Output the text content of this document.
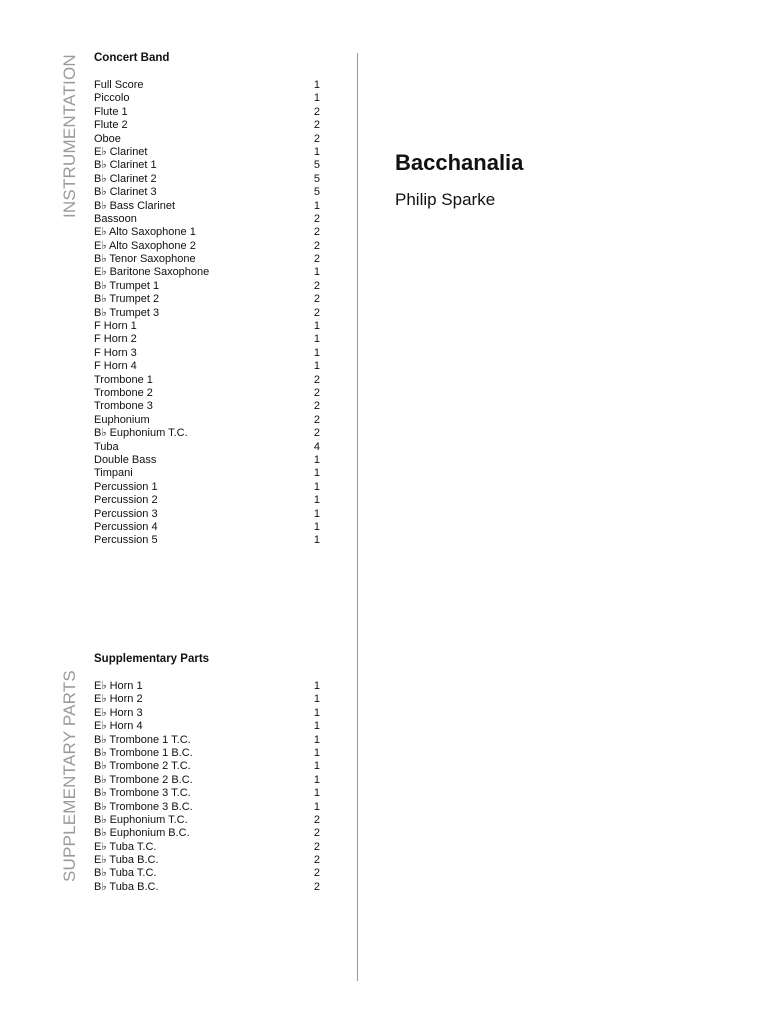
INSTRUMENTATION
SUPPLEMENTARY PARTS
Concert Band
Full Score	1
Piccolo	1
Flute 1	2
Flute 2	2
Oboe	2
E♭ Clarinet	1
B♭ Clarinet 1	5
B♭ Clarinet 2	5
B♭ Clarinet 3	5
B♭ Bass Clarinet	1
Bassoon	2
E♭ Alto Saxophone 1	2
E♭ Alto Saxophone 2	2
B♭ Tenor Saxophone	2
E♭ Baritone Saxophone	1
B♭ Trumpet 1	2
B♭ Trumpet 2	2
B♭ Trumpet 3	2
F Horn 1	1
F Horn 2	1
F Horn 3	1
F Horn 4	1
Trombone 1	2
Trombone 2	2
Trombone 3	2
Euphonium	2
B♭ Euphonium T.C.	2
Tuba	4
Double Bass	1
Timpani	1
Percussion 1	1
Percussion 2	1
Percussion 3	1
Percussion 4	1
Percussion 5	1
Supplementary Parts
E♭ Horn 1	1
E♭ Horn 2	1
E♭ Horn 3	1
E♭ Horn 4	1
B♭ Trombone 1 T.C.	1
B♭ Trombone 1 B.C.	1
B♭ Trombone 2 T.C.	1
B♭ Trombone 2 B.C.	1
B♭ Trombone 3 T.C.	1
B♭ Trombone 3 B.C.	1
B♭ Euphonium T.C.	2
B♭ Euphonium B.C.	2
E♭ Tuba T.C.	2
E♭ Tuba B.C.	2
B♭ Tuba T.C.	2
B♭ Tuba B.C.	2
Bacchanalia

Philip Sparke
